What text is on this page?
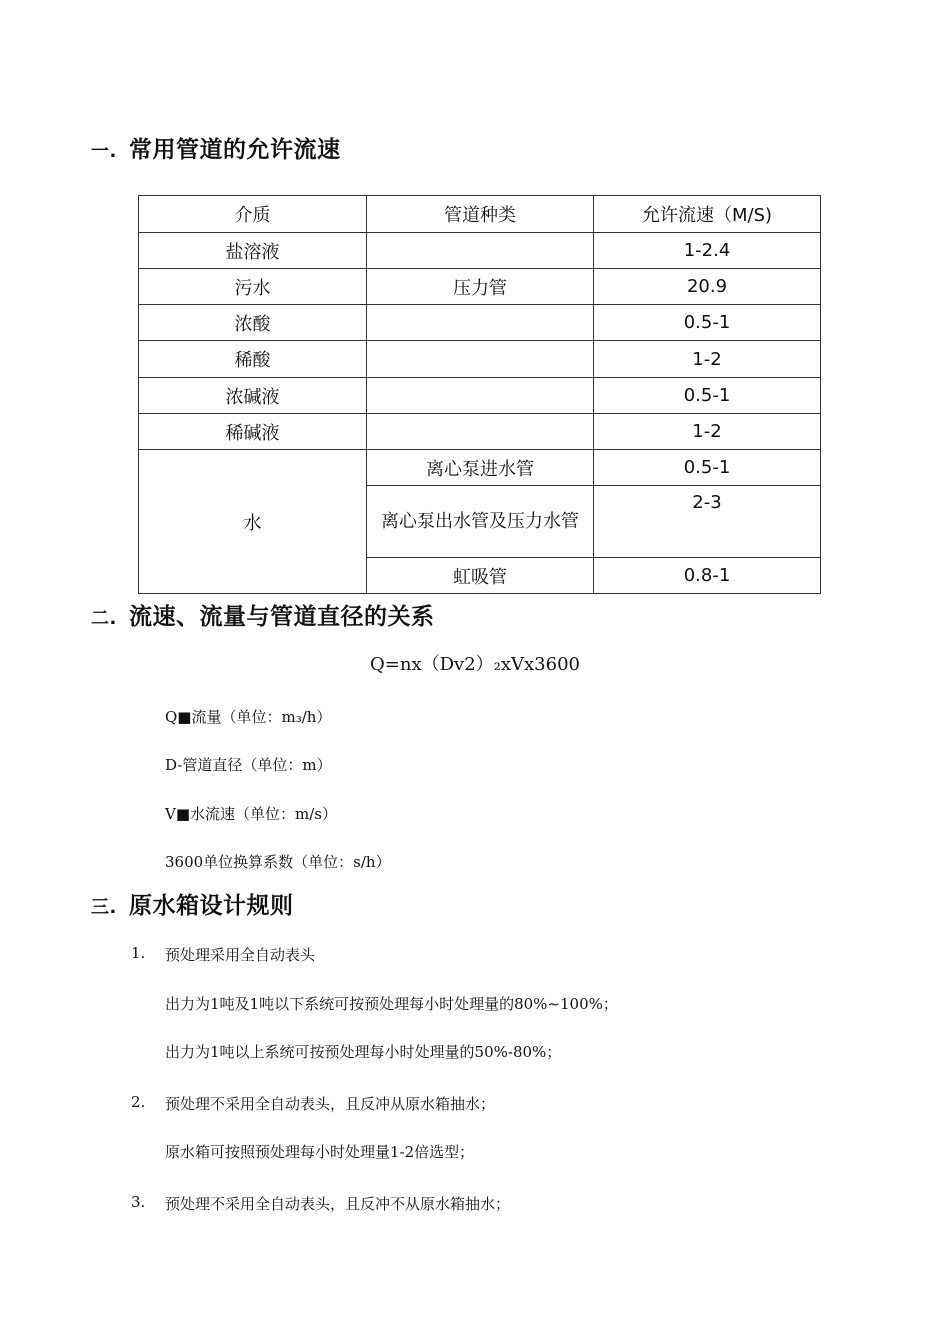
一. 常用管道的允许流速
介质	管道种类	允许流速（M/S)
盐溶液		1-2.4
污水	压力管	20.9
浓酸		0.5-1
稀酸		1-2
浓碱液		0.5-1
稀碱液		1-2
水	离心泵进水管	0.5-1
	离心泵出水管及压力水管	2-3
	虹吸管	0.8-1
二. 流速、流量与管道直径的关系
Q=nx（Dv2）₂xVx3600
Q■流量（单位：m₃/h）
D-管道直径（单位：m）
V■水流速（单位：m/s）
3600单位换算系数（单位：s/h）
三. 原水箱设计规则
1. 预处理采用全自动表头
出力为1吨及1吨以下系统可按预处理每小时处理量的80%~100%；
出力为1吨以上系统可按预处理每小时处理量的50%-80%；
2. 预处理不采用全自动表头，且反冲从原水箱抽水；
原水箱可按照预处理每小时处理量1-2倍选型；
3. 预处理不采用全自动表头，且反冲不从原水箱抽水；
